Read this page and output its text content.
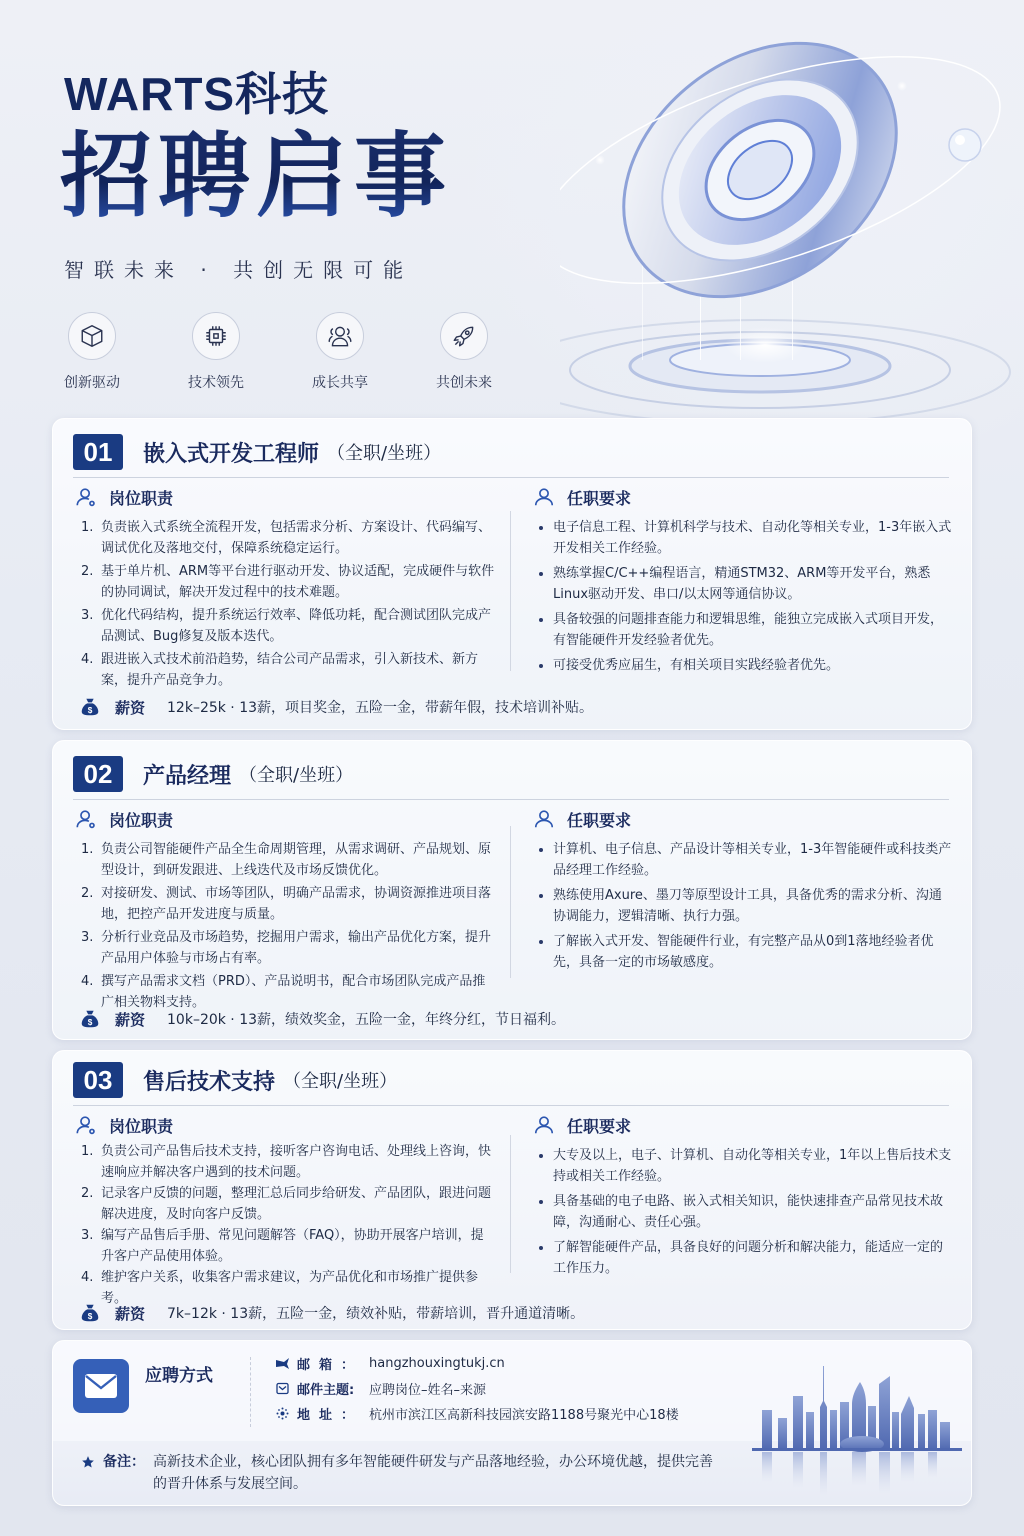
WARTS科技
招聘启事
智联未来 · 共创无限可能
创新驱动	技术领先	成长共享	共创未来
01	嵌入式开发工程师 （全职/坐班）
岗位职责
1. 负责嵌入式系统全流程开发，包括需求分析、方案设计、代码编写、调试优化及落地交付，保障系统稳定运行。
2. 基于单片机、ARM等平台进行驱动开发、协议适配，完成硬件与软件的协同调试，解决开发过程中的技术难题。
3. 优化代码结构，提升系统运行效率、降低功耗，配合测试团队完成产品测试、Bug修复及版本迭代。
4. 跟进嵌入式技术前沿趋势，结合公司产品需求，引入新技术、新方案，提升产品竞争力。
任职要求
电子信息工程、计算机科学与技术、自动化等相关专业，1-3年嵌入式开发相关工作经验。
熟练掌握C/C++编程语言，精通STM32、ARM等开发平台，熟悉Linux驱动开发、串口/以太网等通信协议。
具备较强的问题排查能力和逻辑思维，能独立完成嵌入式项目开发，有智能硬件开发经验者优先。
可接受优秀应届生，有相关项目实践经验者优先。
$ 薪资 12k–25k · 13薪，项目奖金，五险一金，带薪年假，技术培训补贴。
02	产品经理 （全职/坐班）
岗位职责
1. 负责公司智能硬件产品全生命周期管理，从需求调研、产品规划、原型设计，到研发跟进、上线迭代及市场反馈优化。
2. 对接研发、测试、市场等团队，明确产品需求，协调资源推进项目落地，把控产品开发进度与质量。
3. 分析行业竞品及市场趋势，挖掘用户需求，输出产品优化方案，提升产品用户体验与市场占有率。
4. 撰写产品需求文档（PRD）、产品说明书，配合市场团队完成产品推广相关物料支持。
任职要求
计算机、电子信息、产品设计等相关专业，1-3年智能硬件或科技类产品经理工作经验。
熟练使用Axure、墨刀等原型设计工具，具备优秀的需求分析、沟通协调能力，逻辑清晰、执行力强。
了解嵌入式开发、智能硬件行业，有完整产品从0到1落地经验者优先，具备一定的市场敏感度。
$ 薪资 10k–20k · 13薪，绩效奖金，五险一金，年终分红，节日福利。
03	售后技术支持 （全职/坐班）
岗位职责
1. 负责公司产品售后技术支持，接听客户咨询电话、处理线上咨询，快速响应并解决客户遇到的技术问题。
2. 记录客户反馈的问题，整理汇总后同步给研发、产品团队，跟进问题解决进度，及时向客户反馈。
3. 编写产品售后手册、常见问题解答（FAQ），协助开展客户培训，提升客户产品使用体验。
4. 维护客户关系，收集客户需求建议，为产品优化和市场推广提供参考。
任职要求
大专及以上，电子、计算机、自动化等相关专业，1年以上售后技术支持或相关工作经验。
具备基础的电子电路、嵌入式相关知识，能快速排查产品常见技术故障，沟通耐心、责任心强。
了解智能硬件产品，具备良好的问题分析和解决能力，能适应一定的工作压力。
$ 薪资 7k–12k · 13薪，五险一金，绩效补贴，带薪培训，晋升通道清晰。
应聘方式
邮箱： hangzhouxingtukj.cn
邮件主题:	应聘岗位–姓名–来源
地址： 杭州市滨江区高新科技园滨安路1188号聚光中心18楼
备注： 高新技术企业，核心团队拥有多年智能硬件研发与产品落地经验，办公环境优越，提供完善的晋升体系与发展空间。
